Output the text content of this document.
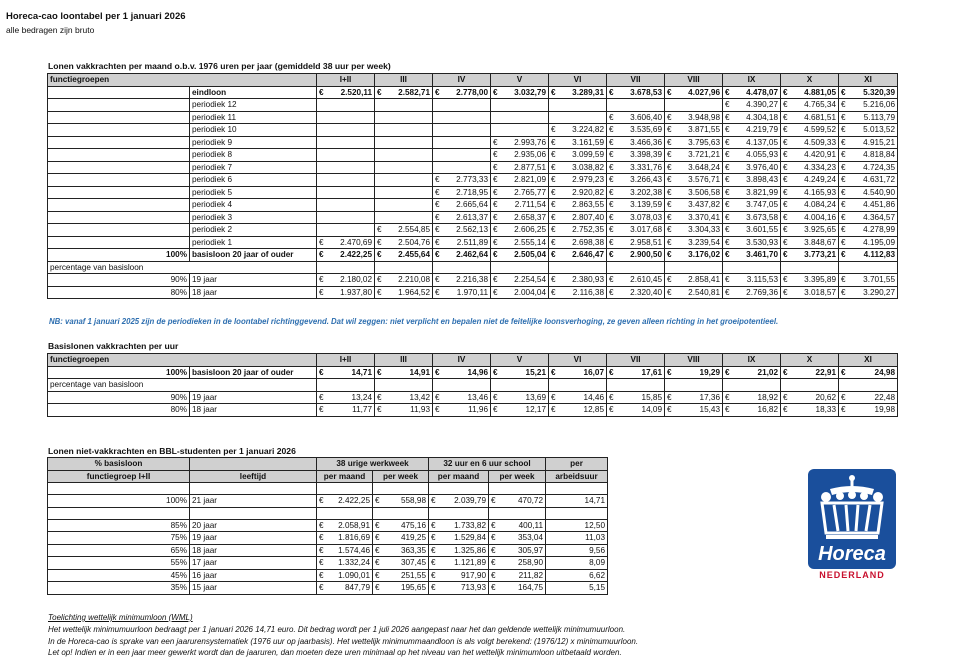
Horeca-cao loontabel per 1 januari 2026
alle bedragen zijn bruto
Lonen vakkrachten per maand o.b.v. 1976 uren per jaar (gemiddeld 38 uur per week)
functiegroepen		I+II	III	IV	V	VI	VII	VIII	IX	X	XI
	eindloon	€ 2.520,11	€ 2.582,71	€ 2.778,00	€ 3.032,79	€ 3.289,31	€ 3.678,53	€ 4.027,96	€ 4.478,07	€ 4.881,05	€ 5.320,39

	periodiek 12								€ 4.390,27	€ 4.765,34	€ 5.216,06

	periodiek 11						€ 3.606,40	€ 3.948,98	€ 4.304,18	€ 4.681,51	€ 5.113,79

	periodiek 10					€ 3.224,82	€ 3.535,69	€ 3.871,55	€ 4.219,79	€ 4.599,52	€ 5.013,52

	periodiek 9				€ 2.993,76	€ 3.161,59	€ 3.466,36	€ 3.795,63	€ 4.137,05	€ 4.509,33	€ 4.915,21

	periodiek 8				€ 2.935,06	€ 3.099,59	€ 3.398,39	€ 3.721,21	€ 4.055,93	€ 4.420,91	€ 4.818,84

	periodiek 7				€ 2.877,51	€ 3.038,82	€ 3.331,76	€ 3.648,24	€ 3.976,40	€ 4.334,23	€ 4.724,35

	periodiek 6			€ 2.773,33	€ 2.821,09	€ 2.979,23	€ 3.266,43	€ 3.576,71	€ 3.898,43	€ 4.249,24	€ 4.631,72

	periodiek 5			€ 2.718,95	€ 2.765,77	€ 2.920,82	€ 3.202,38	€ 3.506,58	€ 3.821,99	€ 4.165,93	€ 4.540,90

	periodiek 4			€ 2.665,64	€ 2.711,54	€ 2.863,55	€ 3.139,59	€ 3.437,82	€ 3.747,05	€ 4.084,24	€ 4.451,86

	periodiek 3			€ 2.613,37	€ 2.658,37	€ 2.807,40	€ 3.078,03	€ 3.370,41	€ 3.673,58	€ 4.004,16	€ 4.364,57

	periodiek 2		€ 2.554,85	€ 2.562,13	€ 2.606,25	€ 2.752,35	€ 3.017,68	€ 3.304,33	€ 3.601,55	€ 3.925,65	€ 4.278,99

	periodiek 1	€ 2.470,69	€ 2.504,76	€ 2.511,89	€ 2.555,14	€ 2.698,38	€ 2.958,51	€ 3.239,54	€ 3.530,93	€ 3.848,67	€ 4.195,09

100%	basisloon 20 jaar of ouder	€ 2.422,25	€ 2.455,64	€ 2.462,64	€ 2.505,04	€ 2.646,47	€ 2.900,50	€ 3.176,02	€ 3.461,70	€ 3.773,21	€ 4.112,83

percentage van basisloon											
90%	19 jaar	€ 2.180,02	€ 2.210,08	€ 2.216,38	€ 2.254,54	€ 2.380,93	€ 2.610,45	€ 2.858,41	€ 3.115,53	€ 3.395,89	€ 3.701,55

80%	18 jaar	€ 1.937,80	€ 1.964,52	€ 1.970,11	€ 2.004,04	€ 2.116,38	€ 2.320,40	€ 2.540,81	€ 2.769,36	€ 3.018,57	€ 3.290,27
NB: vanaf 1 januari 2025 zijn de periodieken in de loontabel richtinggevend. Dat wil zeggen: niet verplicht en bepalen niet de feitelijke loonsverhoging, ze geven alleen richting in het groeipotentieel.
Basislonen vakkrachten per uur
functiegroepen		I+II	III	IV	V	VI	VII	VIII	IX	X	XI
100%	basisloon 20 jaar of ouder	€ 14,71	€ 14,91	€ 14,96	€ 15,21	€ 16,07	€ 17,61	€ 19,29	€ 21,02	€ 22,91	€ 24,98

percentage van basisloon											
90%	19 jaar	€ 13,24	€ 13,42	€ 13,46	€ 13,69	€ 14,46	€ 15,85	€ 17,36	€ 18,92	€ 20,62	€ 22,48

80%	18 jaar	€ 11,77	€ 11,93	€ 11,96	€ 12,17	€ 12,85	€ 14,09	€ 15,43	€ 16,82	€ 18,33	€ 19,98
Lonen niet-vakkrachten en BBL-studenten per 1 januari 2026
% basisloon		38 urige werkweek		32 uur en 6 uur school		per
functiegroep I+II	leeftijd	per maand	per week	per maand	per week	arbeidsuur

100%	21 jaar	€ 2.422,25	€ 558,98	€ 2.039,79	€ 470,72	14,71

85%	20 jaar	€ 2.058,91	€ 475,16	€ 1.733,82	€ 400,11	12,50
75%	19 jaar	€ 1.816,69	€ 419,25	€ 1.529,84	€ 353,04	11,03
65%	18 jaar	€ 1.574,46	€ 363,35	€ 1.325,86	€ 305,97	9,56
55%	17 jaar	€ 1.332,24	€ 307,45	€ 1.121,89	€ 258,90	8,09
45%	16 jaar	€ 1.090,01	€ 251,55	€ 917,90	€ 211,82	6,62
35%	15 jaar	€ 847,79	€ 195,65	€ 713,93	€ 164,75	5,15
Toelichting wettelijk minimumloon (WML)
Het wettelijk minimumuurloon bedraagt per 1 januari 2026 14,71 euro. Dit bedrag wordt per 1 juli 2026 aangepast naar het dan geldende wettelijk minimumuurloon.
In de Horeca-cao is sprake van een jaarurensystematiek (1976 uur op jaarbasis). Het wettelijk minimummaandloon is als volgt berekend: (1976/12) x minimumuurloon.
Let op! Indien er in een jaar meer gewerkt wordt dan de jaaruren, dan moeten deze uren minimaal op het niveau van het wettelijk minimumloon uitbetaald worden.
Horeca
NEDERLAND
